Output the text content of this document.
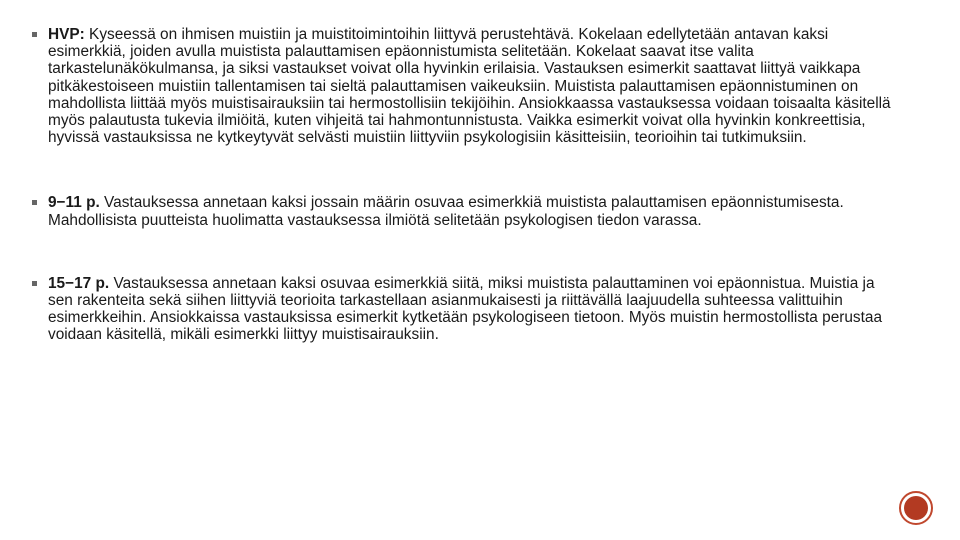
HVP: Kyseessä on ihmisen muistiin ja muistitoimintoihin liittyvä perustehtävä. Kokelaan edellytetään antavan kaksi esimerkkiä, joiden avulla muistista palauttamisen epäonnistumista selitetään. Kokelaat saavat itse valita tarkastelunäkökulmansa, ja siksi vastaukset voivat olla hyvinkin erilaisia. Vastauksen esimerkit saattavat liittyä vaikkapa pitkäkestoiseen muistiin tallentamisen tai sieltä palauttamisen vaikeuksiin. Muistista palauttamisen epäonnistuminen on mahdollista liittää myös muistisairauksiin tai hermostollisiin tekijöihin. Ansiokkaassa vastauksessa voidaan toisaalta käsitellä myös palautusta tukevia ilmiöitä, kuten vihjeitä tai hahmontunnistusta. Vaikka esimerkit voivat olla hyvinkin konkreettisia, hyvissä vastauksissa ne kytkeytyvät selvästi muistiin liittyviin psykologisiin käsitteisiin, teorioihin tai tutkimuksiin.
9−11 p. Vastauksessa annetaan kaksi jossain määrin osuvaa esimerkkiä muistista palauttamisen epäonnistumisesta. Mahdollisista puutteista huolimatta vastauksessa ilmiötä selitetään psykologisen tiedon varassa.
15−17 p. Vastauksessa annetaan kaksi osuvaa esimerkkiä siitä, miksi muistista palauttaminen voi epäonnistua. Muistia ja sen rakenteita sekä siihen liittyviä teorioita tarkastellaan asianmukaisesti ja riittävällä laajuudella suhteessa valittuihin esimerkkeihin. Ansiokkaissa vastauksissa esimerkit kytketään psykologiseen tietoon. Myös muistin hermostollista perustaa voidaan käsitellä, mikäli esimerkki liittyy muistisairauksiin.
